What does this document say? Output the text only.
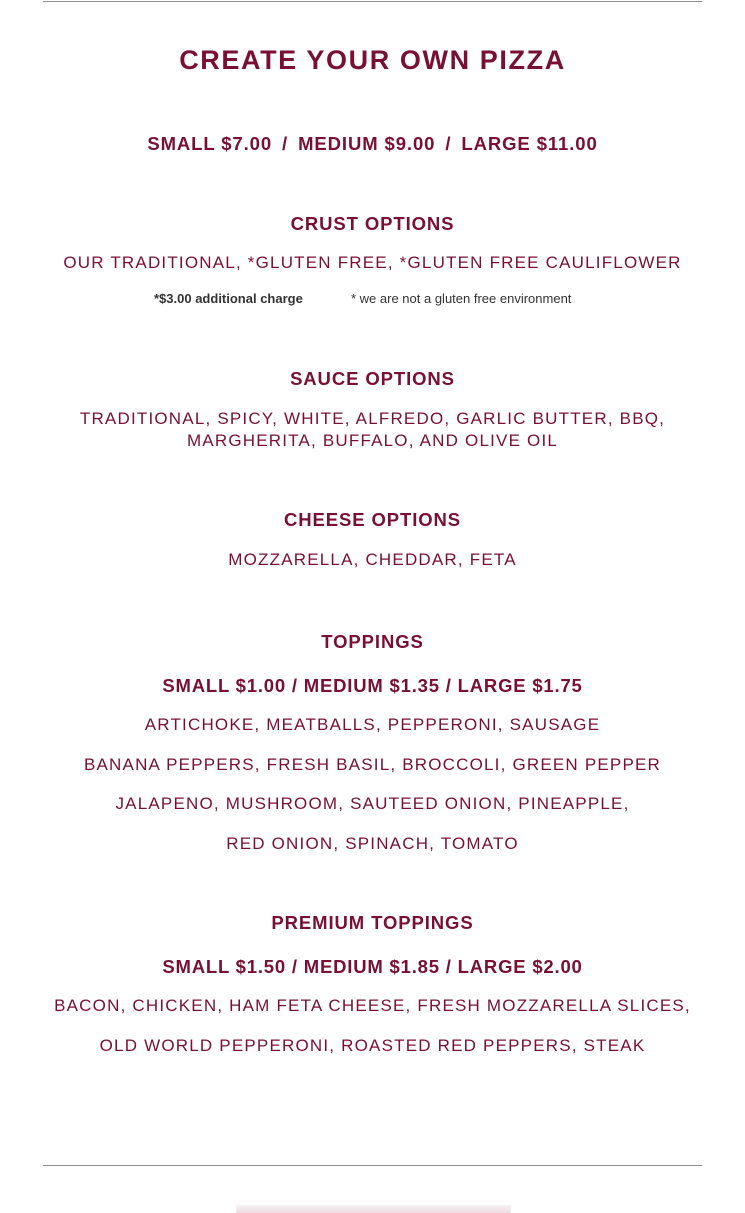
CREATE YOUR OWN PIZZA
SMALL $7.00 / MEDIUM $9.00 / LARGE $11.00
CRUST OPTIONS
OUR TRADITIONAL, *GLUTEN FREE, *GLUTEN FREE CAULIFLOWER
*$3.00 additional charge	* we are not a gluten free environment
SAUCE OPTIONS
TRADITIONAL, SPICY, WHITE, ALFREDO, GARLIC BUTTER, BBQ,
MARGHERITA, BUFFALO, AND OLIVE OIL
CHEESE OPTIONS
MOZZARELLA, CHEDDAR, FETA
TOPPINGS
SMALL $1.00 / MEDIUM $1.35 / LARGE $1.75
ARTICHOKE, MEATBALLS, PEPPERONI, SAUSAGE
BANANA PEPPERS, FRESH BASIL, BROCCOLI, GREEN PEPPER
JALAPENO, MUSHROOM, SAUTEED ONION, PINEAPPLE,
RED ONION, SPINACH, TOMATO
PREMIUM TOPPINGS
SMALL $1.50 / MEDIUM $1.85 / LARGE $2.00
BACON, CHICKEN, HAM FETA CHEESE, FRESH MOZZARELLA SLICES,
OLD WORLD PEPPERONI, ROASTED RED PEPPERS, STEAK
